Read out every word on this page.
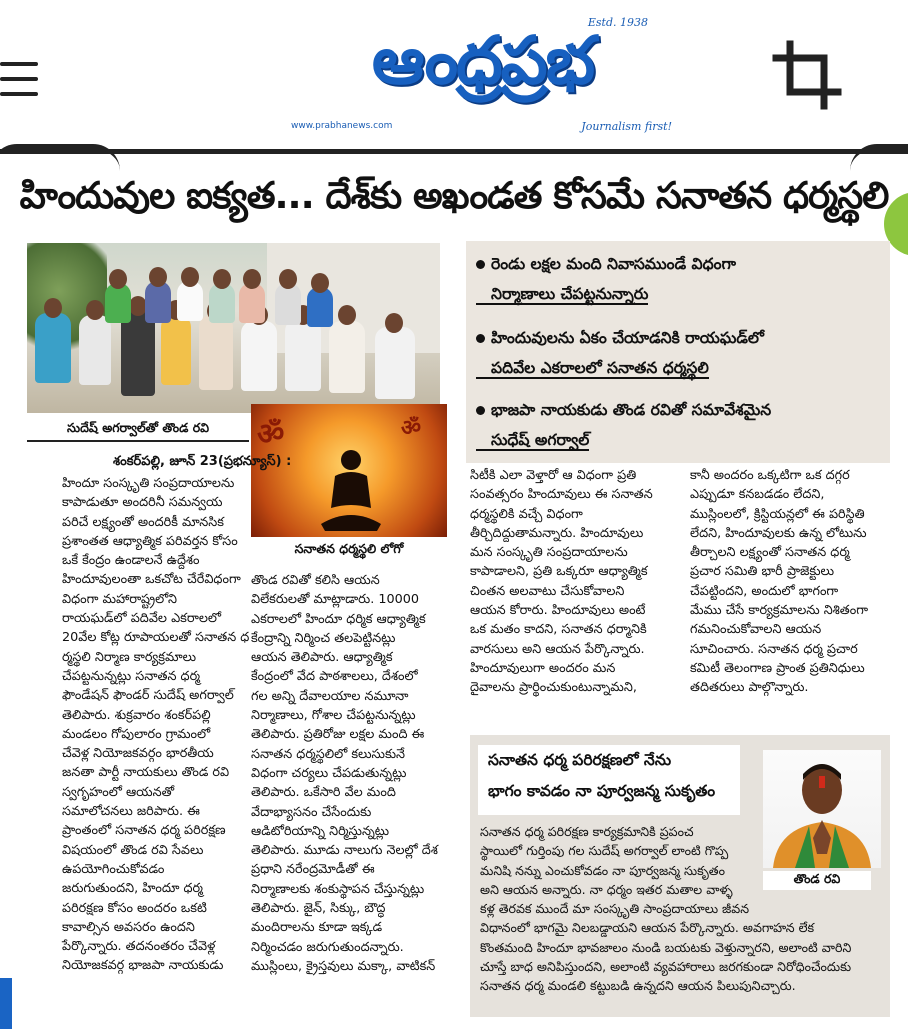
ఆంధ్రప్రభ
Estd. 1938
www.prabhanews.com	Journalism first!
హిందువుల ఐక్యత... దేశ్‌కు అఖండత కోసమే సనాతన ధర్మస్థలి
సుదేష్ అగర్వాల్‌తో తొండ రవి	ॐ	ॐ
సనాతన ధర్మస్థలి లోగో
శంకర్‌పల్లి, జూన్ 23(ప్రభన్యూస్) :
హిందూ సంస్కృతి సంప్రదాయాలను
కాపాడుతూ అందరినీ సమన్వయ
పరిచే లక్ష్యంతో అందరికీ మానసిక
ప్రశాంతత ఆధ్యాత్మిక పరివర్తన కోసం
ఒకే కేంద్రం ఉండాలనే ఉద్దేశం
హిందూవులంతా ఒకచోట చేరేవిధంగా
విధంగా మహారాష్ట్రలోని
రాయఘడ్‌లో పదివేల ఎకరాలలో
20వేల కోట్ల రూపాయలతో సనాతన ధ
ర్మస్థలి నిర్మాణ కార్యక్రమాలు
చేపట్టనున్నట్లు సనాతన ధర్మ
ఫౌండేషన్ ఫౌండర్ సుదేష్ అగర్వాల్
తెలిపారు. శుక్రవారం శంకర్‌పల్లి
మండలం గోపులారం గ్రామంలో
చేవెళ్ల నియోజకవర్గం భారతీయ
జనతా పార్టీ నాయకులు తొండ రవి
స్వగృహంలో ఆయనతో
సమాలోచనలు జరిపారు. ఈ
ప్రాంతంలో సనాతన ధర్మ పరిరక్షణ
విషయంలో తొండ రవి సేవలు
ఉపయోగించుకోవడం
జరుగుతుందని, హిందూ ధర్మ
పరిరక్షణ కోసం అందరం ఒకటి
కావాల్సిన అవసరం ఉందని
పేర్కొన్నారు. తదనంతరం చేవెళ్ల
నియోజకవర్గ భాజపా నాయకుడు
తొండ రవితో కలిసి ఆయన
విలేకరులతో మాట్లాడారు. 10000
ఎకరాలలో హిందూ ధర్మిక ఆధ్యాత్మిక
కేంద్రాన్ని నిర్మించ తలపెట్టినట్లు
ఆయన తెలిపారు. ఆధ్యాత్మిక
కేంద్రంలో వేద పాఠశాలలు, దేశంలో
గల అన్ని దేవాలయాల నమూనా
నిర్మాణాలు, గోశాల చేపట్టనున్నట్లు
తెలిపారు. ప్రతిరోజు లక్షల మంది ఈ
సనాతన ధర్మస్థలిలో కలుసుకునే
విధంగా చర్యలు చేపడుతున్నట్లు
తెలిపారు. ఒకేసారి వేల మంది
వేదాభ్యాసనం చేసేందుకు
ఆడిటోరియాన్ని నిర్మిస్తున్నట్లు
తెలిపారు. మూడు నాలుగు నెలల్లో దేశ
ప్రధాని నరేంద్రమోడీతో ఈ
నిర్మాణాలకు శంకుస్థాపన చేస్తున్నట్లు
తెలిపారు. జైన్, సిక్కు, బౌద్ధ
మందిరాలను కూడా ఇక్కడ
నిర్మించడం జరుగుతుందన్నారు.
ముస్లింలు, క్రైస్తవులు మక్కా, వాటికన్
సిటీకి ఎలా వెళ్తారో ఆ విధంగా ప్రతి
సంవత్సరం హిందూవులు ఈ సనాతన
ధర్మస్థలికి వచ్చే విధంగా
తీర్చిదిద్దుతామన్నారు. హిందూవులు
మన సంస్కృతి సంప్రదాయాలను
కాపాడాలని, ప్రతి ఒక్కరూ ఆధ్యాత్మిక
చింతన అలవాటు చేసుకోవాలని
ఆయన కోరారు. హిందూవులు అంటే
ఒక మతం కాదని, సనాతన ధర్మానికి
వారసులు అని ఆయన పేర్కొన్నారు.
హిందూవులుగా అందరం మన
దైవాలను ప్రార్థించుకుంటున్నామని,
కానీ అందరం ఒక్కటిగా ఒక దగ్గర
ఎప్పుడూ కనబడడం లేదని,
ముస్లింలలో, క్రిస్టియన్లలో ఈ పరిస్థితి
లేదని, హిందూవులకు ఉన్న లోటును
తీర్చాలని లక్ష్యంతో సనాతన ధర్మ
ప్రచార సమితి భారీ ప్రాజెక్టులు
చేపట్టిందని, అందులో భాగంగా
మేము చేసే కార్యక్రమాలను నిశితంగా
గమనించుకోవాలని ఆయన
సూచించారు. సనాతన ధర్మ ప్రచార
కమిటీ తెలంగాణ ప్రాంత ప్రతినిధులు
తదితరులు పాల్గొన్నారు.
రెండు లక్షల మంది నివాసముండే విధంగా
నిర్మాణాలు చేపట్టనున్నారు
హిందువులను ఏకం చేయాడనికి రాయఘడ్‌లో
పదివేల ఎకరాలలో సనాతన ధర్మస్థలి
భాజపా నాయకుడు తొండ రవితో సమావేశమైన
సుధేష్ అగర్వాల్
సనాతన ధర్మ పరిరక్షణలో నేను
భాగం కావడం నా పూర్వజన్మ సుకృతం
తొండ రవి
సనాతన ధర్మ పరిరక్షణ కార్యక్రమానికి ప్రపంచ
స్థాయిలో గుర్తింపు గల సుదేష్ అగర్వాల్ లాంటి గొప్ప
మనిషి నన్ను ఎంచుకోవడం నా పూర్వజన్మ సుకృతం
అని ఆయన అన్నారు. నా ధర్మం ఇతర మతాల వాళ్ళ
కళ్ల తెరవక ముందే మా సంస్కృతి సాంప్రదాయాలు జీవన
విధానంలో భాగమై నిలబడ్డాయని ఆయన పేర్కొన్నారు. అవగాహన లేక
కొంతమంది హిందూ భావజాలం నుండి బయటకు వెళ్తున్నారని, అలాంటి వారిని
చూస్తే బాధ అనిపిస్తుందని, అలాంటి వ్యవహారాలు జరగకుండా నిరోధించేందుకు
సనాతన ధర్మ మండలి కట్టుబడి ఉన్నదని ఆయన పిలుపునిచ్చారు.
